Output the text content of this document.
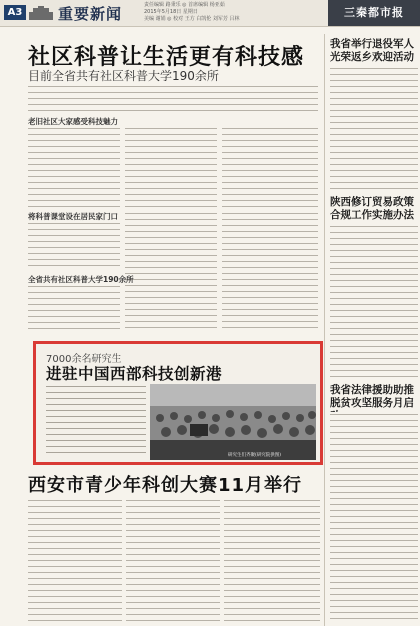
A3 重要新闻	责任编辑 路秉乐 ◎ 首席编辑 杨亚茹
2015年5月18日 星期日
美编 谢娟 ◎ 校对 王方 白凯伦 刘军芳 吕林	三秦都市报
社区科普让生活更有科技感
目前全省共有社区科普大学190余所
老旧社区大家感受科技魅力
将科普课堂设在居民家门口
全省共有社区科普大学190余所
7000余名研究生
进驻中国西部科技创新港
研究生们齐聚(研究院供图)
西安市青少年科创大赛11月举行
我省举行退役军人光荣返乡欢迎活动
陕西修订贸易政策合规工作实施办法
我省法律援助助推脱贫攻坚服务月启
